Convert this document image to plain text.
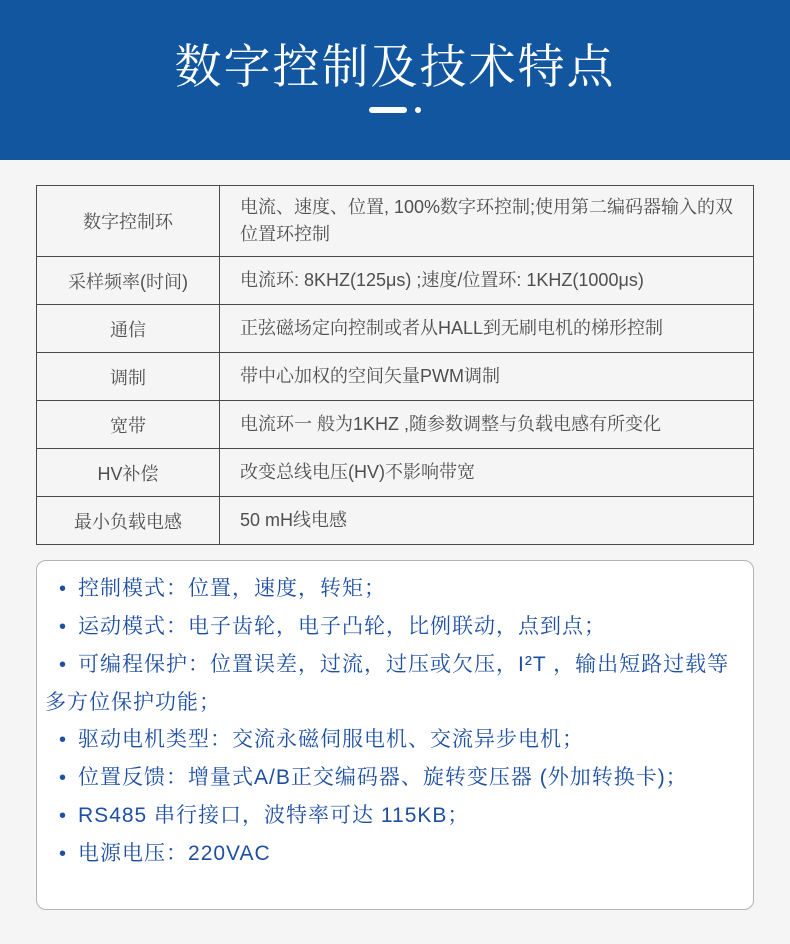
数字控制及技术特点
数字控制环	电流、速度、位置, 100%数字环控制;使用第二编码器输入的双位置环控制
采样频率(时间)	电流环: 8KHZ(125μs) ;速度/位置环: 1KHZ(1000μs)
通信	正弦磁场定向控制或者从HALL到无刷电机的梯形控制
调制	带中心加权的空间矢量PWM调制
宽带	电流环一 般为1KHZ ,随参数调整与负载电感有所变化
HV补偿	改变总线电压(HV)不影响带宽
最小负载电感	50 mH线电感

• 控制模式：位置，速度，转矩；

• 运动模式：电子齿轮，电子凸轮，比例联动，点到点；

• 可编程保护：位置误差，过流，过压或欠压，I²T ，输出短路过载等多方位保护功能；

• 驱动电机类型：交流永磁伺服电机、交流异步电机；

• 位置反馈：增量式A/B正交编码器、旋转变压器 (外加转换卡)；

• RS485 串行接口，波特率可达 115KB；

• 电源电压：220VAC
